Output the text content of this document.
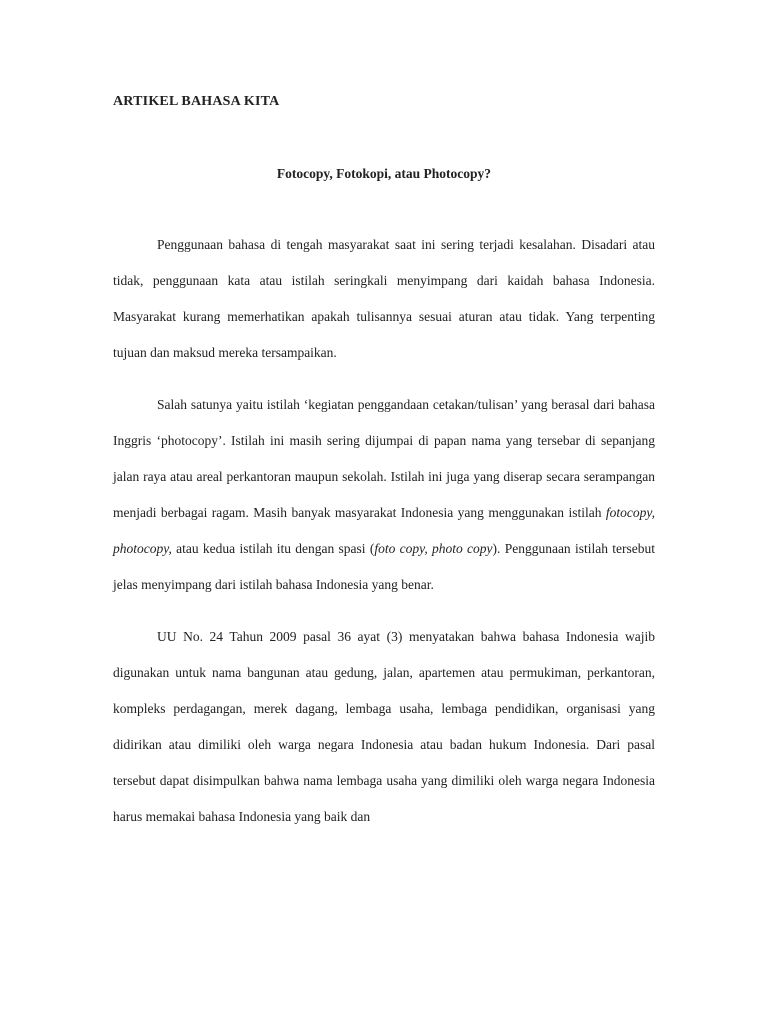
ARTIKEL BAHASA KITA
Fotocopy, Fotokopi, atau Photocopy?

Penggunaan bahasa di tengah masyarakat saat ini sering terjadi kesalahan. Disadari atau tidak, penggunaan kata atau istilah seringkali menyimpang dari kaidah bahasa Indonesia. Masyarakat kurang memerhatikan apakah tulisannya sesuai aturan atau tidak. Yang terpenting tujuan dan maksud mereka tersampaikan.

Salah satunya yaitu istilah ‘kegiatan penggandaan cetakan/tulisan’ yang berasal dari bahasa Inggris ‘photocopy’. Istilah ini masih sering dijumpai di papan nama yang tersebar di sepanjang jalan raya atau areal perkantoran maupun sekolah. Istilah ini juga yang diserap secara serampangan menjadi berbagai ragam. Masih banyak masyarakat Indonesia yang menggunakan istilah fotocopy, photocopy, atau kedua istilah itu dengan spasi (foto copy, photo copy). Penggunaan istilah tersebut jelas menyimpang dari istilah bahasa Indonesia yang benar.

UU No. 24 Tahun 2009 pasal 36 ayat (3) menyatakan bahwa bahasa Indonesia wajib digunakan untuk nama bangunan atau gedung, jalan, apartemen atau permukiman, perkantoran, kompleks perdagangan, merek dagang, lembaga usaha, lembaga pendidikan, organisasi yang didirikan atau dimiliki oleh warga negara Indonesia atau badan hukum Indonesia. Dari pasal tersebut dapat disimpulkan bahwa nama lembaga usaha yang dimiliki oleh warga negara Indonesia harus memakai bahasa Indonesia yang baik dan
